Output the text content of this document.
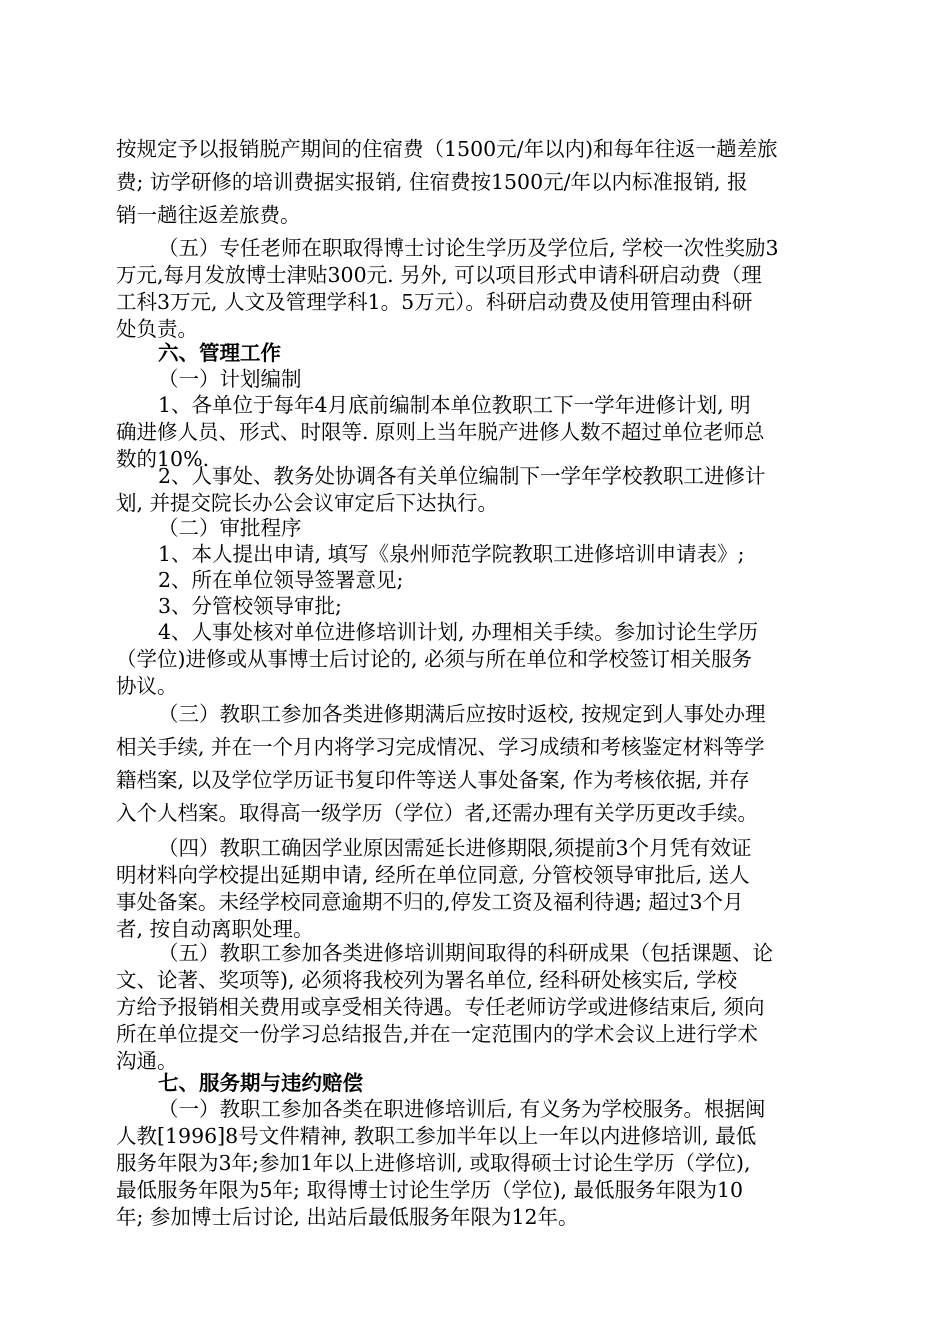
按规定予以报销脱产期间的住宿费（1500元/年以内)和每年往返一趟差旅
费; 访学研修的培训费据实报销, 住宿费按1500元/年以内标准报销, 报
销一趟往返差旅费。
（五）专任老师在职取得博士讨论生学历及学位后, 学校一次性奖励3
万元,每月发放博士津贴300元. 另外, 可以项目形式申请科研启动费（理
工科3万元, 人文及管理学科1。5万元）。科研启动费及使用管理由科研
处负责。
六、管理工作
（一）计划编制
1、各单位于每年4月底前编制本单位教职工下一学年进修计划, 明
确进修人员、形式、时限等. 原则上当年脱产进修人数不超过单位老师总
数的10%.
2、人事处、教务处协调各有关单位编制下一学年学校教职工进修计
划, 并提交院长办公会议审定后下达执行。
（二）审批程序
1、本人提出申请, 填写《泉州师范学院教职工进修培训申请表》;
2、所在单位领导签署意见;
3、分管校领导审批;
4、人事处核对单位进修培训计划, 办理相关手续。参加讨论生学历
（学位)进修或从事博士后讨论的, 必须与所在单位和学校签订相关服务
协议。
（三）教职工参加各类进修期满后应按时返校, 按规定到人事处办理
相关手续, 并在一个月内将学习完成情况、学习成绩和考核鉴定材料等学
籍档案, 以及学位学历证书复印件等送人事处备案, 作为考核依据, 并存
入个人档案。取得高一级学历（学位）者,还需办理有关学历更改手续。
（四）教职工确因学业原因需延长进修期限,须提前3个月凭有效证
明材料向学校提出延期申请, 经所在单位同意, 分管校领导审批后, 送人
事处备案。未经学校同意逾期不归的,停发工资及福利待遇; 超过3个月
者, 按自动离职处理。
（五）教职工参加各类进修培训期间取得的科研成果（包括课题、论
文、论著、奖项等), 必须将我校列为署名单位, 经科研处核实后, 学校
方给予报销相关费用或享受相关待遇。专任老师访学或进修结束后, 须向
所在单位提交一份学习总结报告,并在一定范围内的学术会议上进行学术
沟通。
七、服务期与违约赔偿
（一）教职工参加各类在职进修培训后, 有义务为学校服务。根据闽
人教[1996]8号文件精神, 教职工参加半年以上一年以内进修培训, 最低
服务年限为3年;参加1年以上进修培训, 或取得硕士讨论生学历（学位),
最低服务年限为5年; 取得博士讨论生学历（学位), 最低服务年限为10
年; 参加博士后讨论, 出站后最低服务年限为12年。
